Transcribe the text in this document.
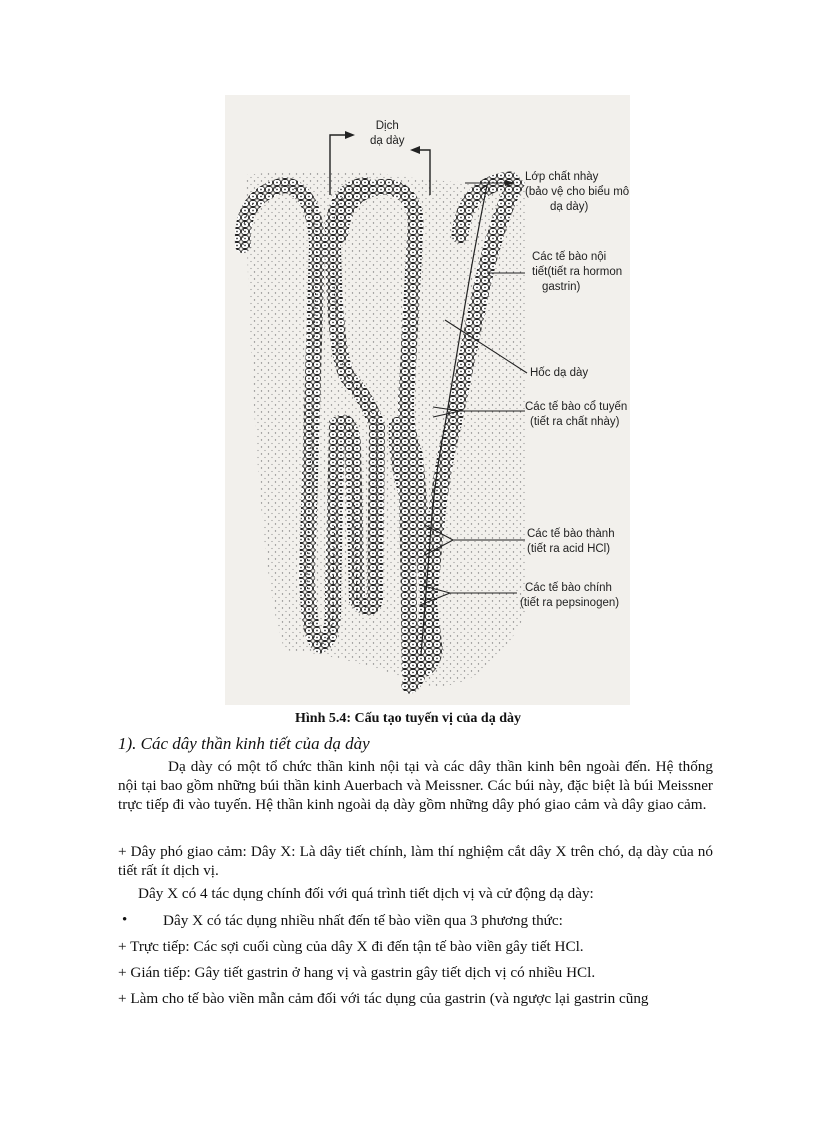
Dịch
dạ dày
Lớp chất nhày
(bảo vệ cho biểu mô
dạ dày)
Các tế bào nội
tiết(tiết ra hormon
gastrin)
Hốc dạ dày
Các tế bào cổ tuyến
(tiết ra chất nhày)
Các tế bào thành
(tiết ra acid HCl)
Các tế bào chính
(tiết ra pepsinogen)
Hình 5.4: Cấu tạo tuyến vị của dạ dày
1). Các dây thần kinh tiết của dạ dày
Dạ dày có một tổ chức thần kinh nội tại và các dây thần kinh bên ngoài đến. Hệ thống nội tại bao gồm những búi thần kinh Auerbach và Meissner. Các búi này, đặc biệt là búi Meissner trực tiếp đi vào tuyến. Hệ thần kinh ngoài dạ dày gồm những dây phó giao cảm và dây giao cảm.
+ Dây phó giao cảm: Dây X: Là dây tiết chính, làm thí nghiệm cắt dây X trên chó, dạ dày của nó tiết rất ít dịch vị.
Dây X có 4 tác dụng chính đối với quá trình tiết dịch vị và cử động dạ dày:
• Dây X có tác dụng nhiều nhất đến tế bào viền qua 3 phương thức:
+ Trực tiếp: Các sợi cuối cùng của dây X đi đến tận tế bào viền gây tiết HCl.
+ Gián tiếp: Gây tiết gastrin ở hang vị và gastrin gây tiết dịch vị có nhiều HCl.
+ Làm cho tế bào viền mẫn cảm đối với tác dụng của gastrin (và ngược lại gastrin cũng
